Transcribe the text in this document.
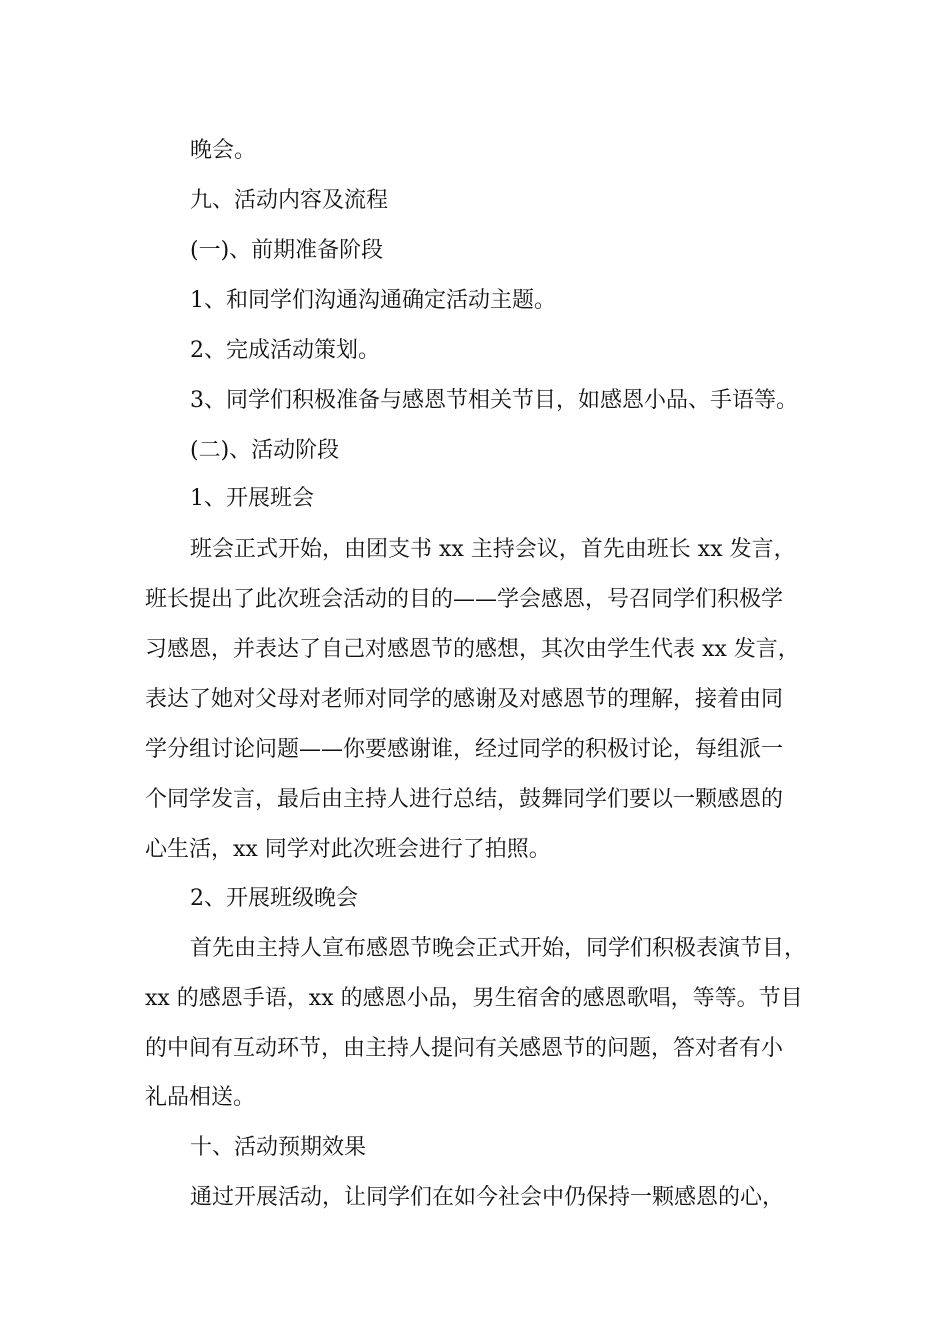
晚会。
九、活动内容及流程
(一)、前期准备阶段
1、和同学们沟通沟通确定活动主题。
2、完成活动策划。
3、同学们积极准备与感恩节相关节目，如感恩小品、手语等。
(二)、活动阶段
1、开展班会
班会正式开始，由团支书 xx 主持会议，首先由班长 xx 发言，
班长提出了此次班会活动的目的——学会感恩，号召同学们积极学
习感恩，并表达了自己对感恩节的感想，其次由学生代表 xx 发言，
表达了她对父母对老师对同学的感谢及对感恩节的理解，接着由同
学分组讨论问题——你要感谢谁，经过同学的积极讨论，每组派一
个同学发言，最后由主持人进行总结，鼓舞同学们要以一颗感恩的
心生活，xx 同学对此次班会进行了拍照。
2、开展班级晚会
首先由主持人宣布感恩节晚会正式开始，同学们积极表演节目，
xx 的感恩手语，xx 的感恩小品，男生宿舍的感恩歌唱，等等。节目
的中间有互动环节，由主持人提问有关感恩节的问题，答对者有小
礼品相送。
十、活动预期效果
通过开展活动，让同学们在如今社会中仍保持一颗感恩的心，
